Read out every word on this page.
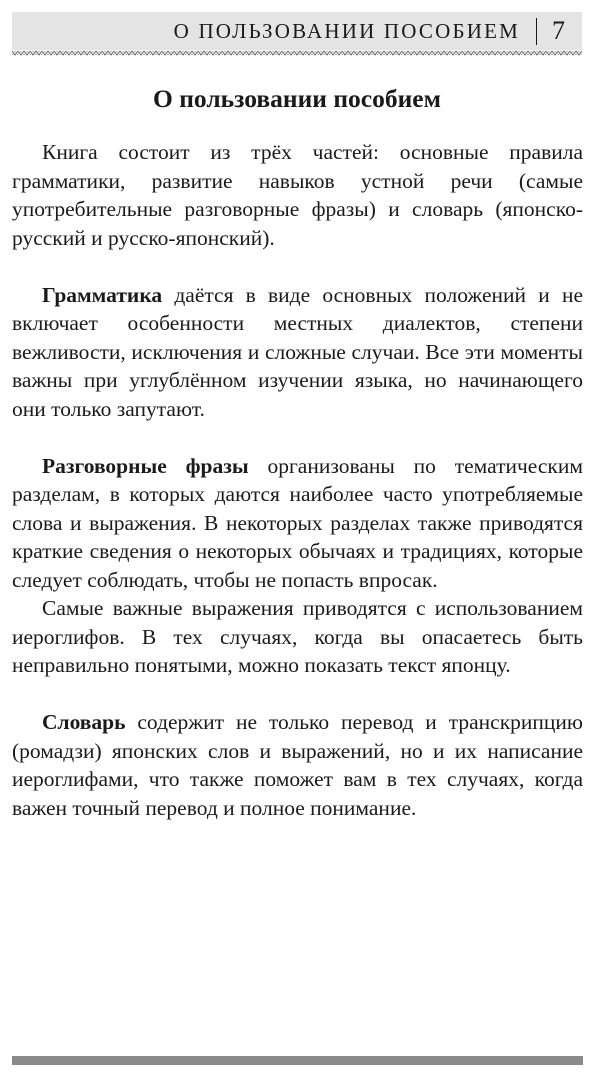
О ПОЛЬЗОВАНИИ ПОСОБИЕМ 7
О пользовании пособием

Книга состоит из трёх частей: основные правила грамматики, развитие навыков устной речи (самые употребительные разговорные фразы) и словарь (японско-русский и русско-японский).

Грамматика даётся в виде основных положений и не включает особенности местных диалектов, степени вежливости, исключения и сложные случаи. Все эти моменты важны при углублённом изучении языка, но начинающего они только запутают.

Разговорные фразы организованы по тематическим разделам, в которых даются наиболее часто употребляемые слова и выражения. В некоторых разделах также приводятся краткие сведения о некоторых обычаях и традициях, которые следует соблюдать, чтобы не попасть впросак.

Самые важные выражения приводятся с использованием иероглифов. В тех случаях, когда вы опасаетесь быть неправильно понятыми, можно показать текст японцу.

Словарь содержит не только перевод и транскрипцию (ромадзи) японских слов и выражений, но и их написание иероглифами, что также поможет вам в тех случаях, когда важен точный перевод и полное понимание.
